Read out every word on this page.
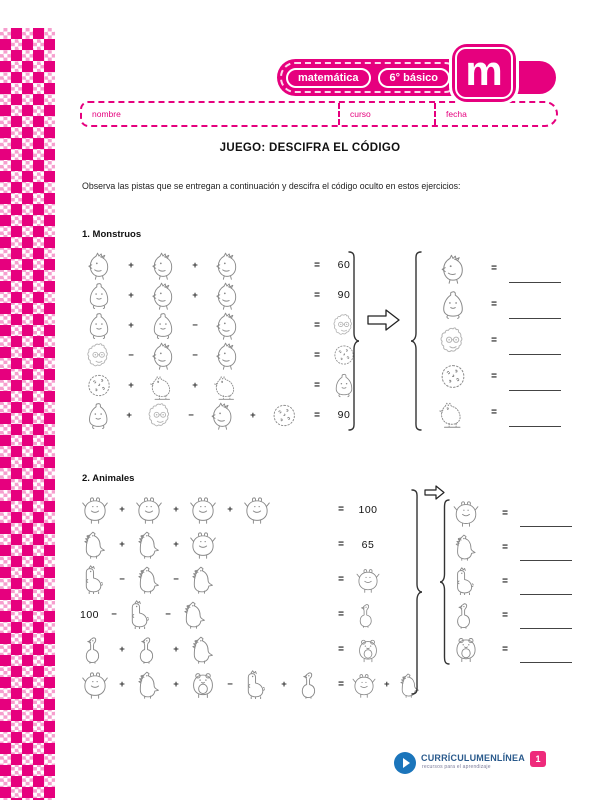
matemática	6° básico m
nombre	curso	fecha
JUEGO: DESCIFRA EL CÓDIGO
Observa las pistas que se entregan a continuación y descifra el código oculto en estos ejercicios:
1. Monstruos
+	+	=	60
+	+	=	90
+	−	=
−	−	=
+	+	=
+	−	+	=	90
=
=
=
=
=
2. Animales
+	+	+	=	100
+	+	=	65
−	−	=
100	−	−	=
+	+	=
+	+	−	+	=	+
=
=
=
=
=
CURRÍCULUMENLÍNEA
recursos para el aprendizaje
1
